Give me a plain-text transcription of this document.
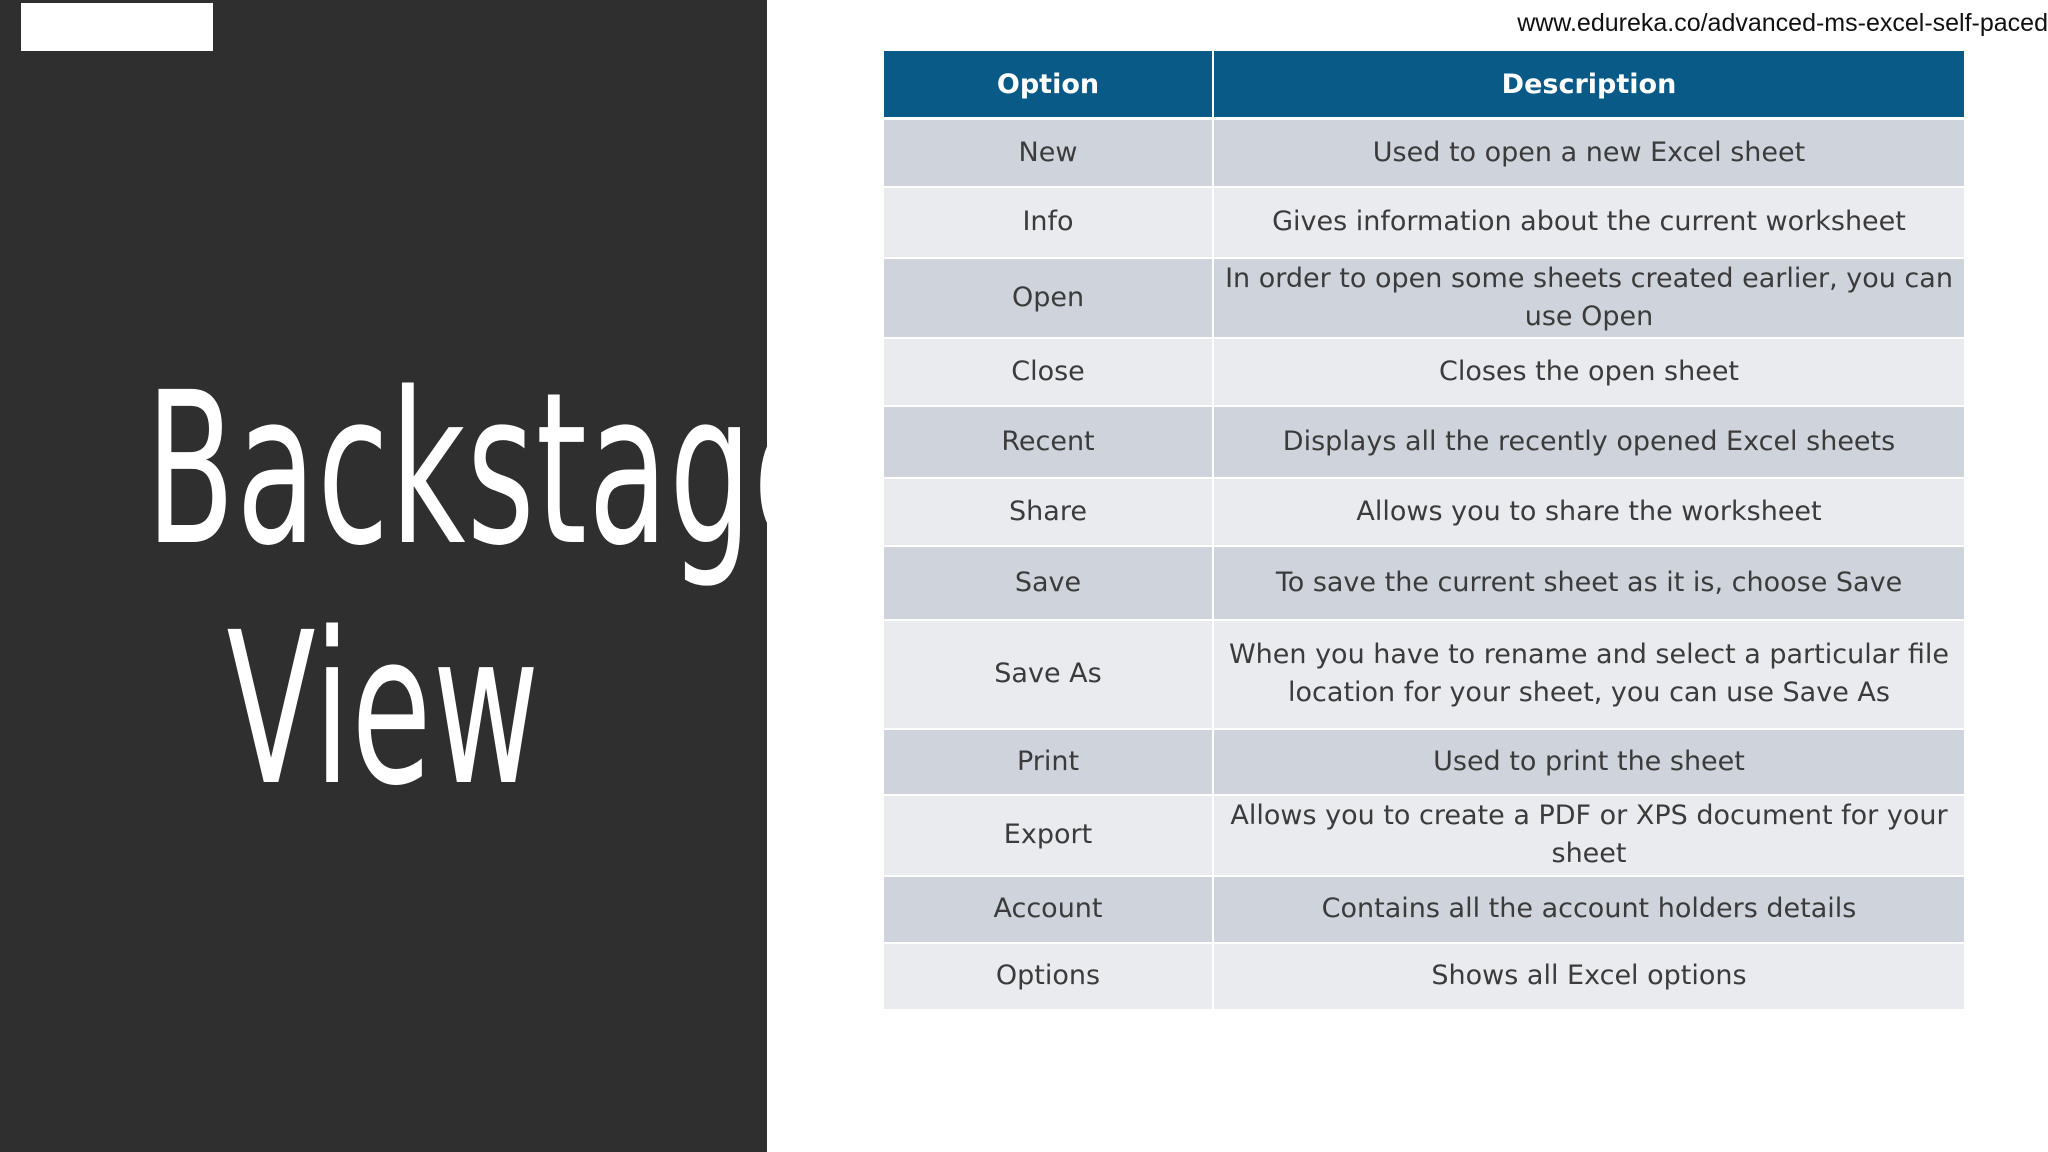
Backstage
View
www.edureka.co/advanced-ms-excel-self-paced
Option	Description
New	Used to open a new Excel sheet
Info	Gives information about the current worksheet
Open	In order to open some sheets created earlier, you can use Open
Close	Closes the open sheet
Recent	Displays all the recently opened Excel sheets
Share	Allows you to share the worksheet
Save	To save the current sheet as it is, choose Save
Save As	When you have to rename and select a particular file location for your sheet, you can use Save As
Print	Used to print the sheet
Export	Allows you to create a PDF or XPS document for your sheet
Account	Contains all the account holders details
Options	Shows all Excel options
